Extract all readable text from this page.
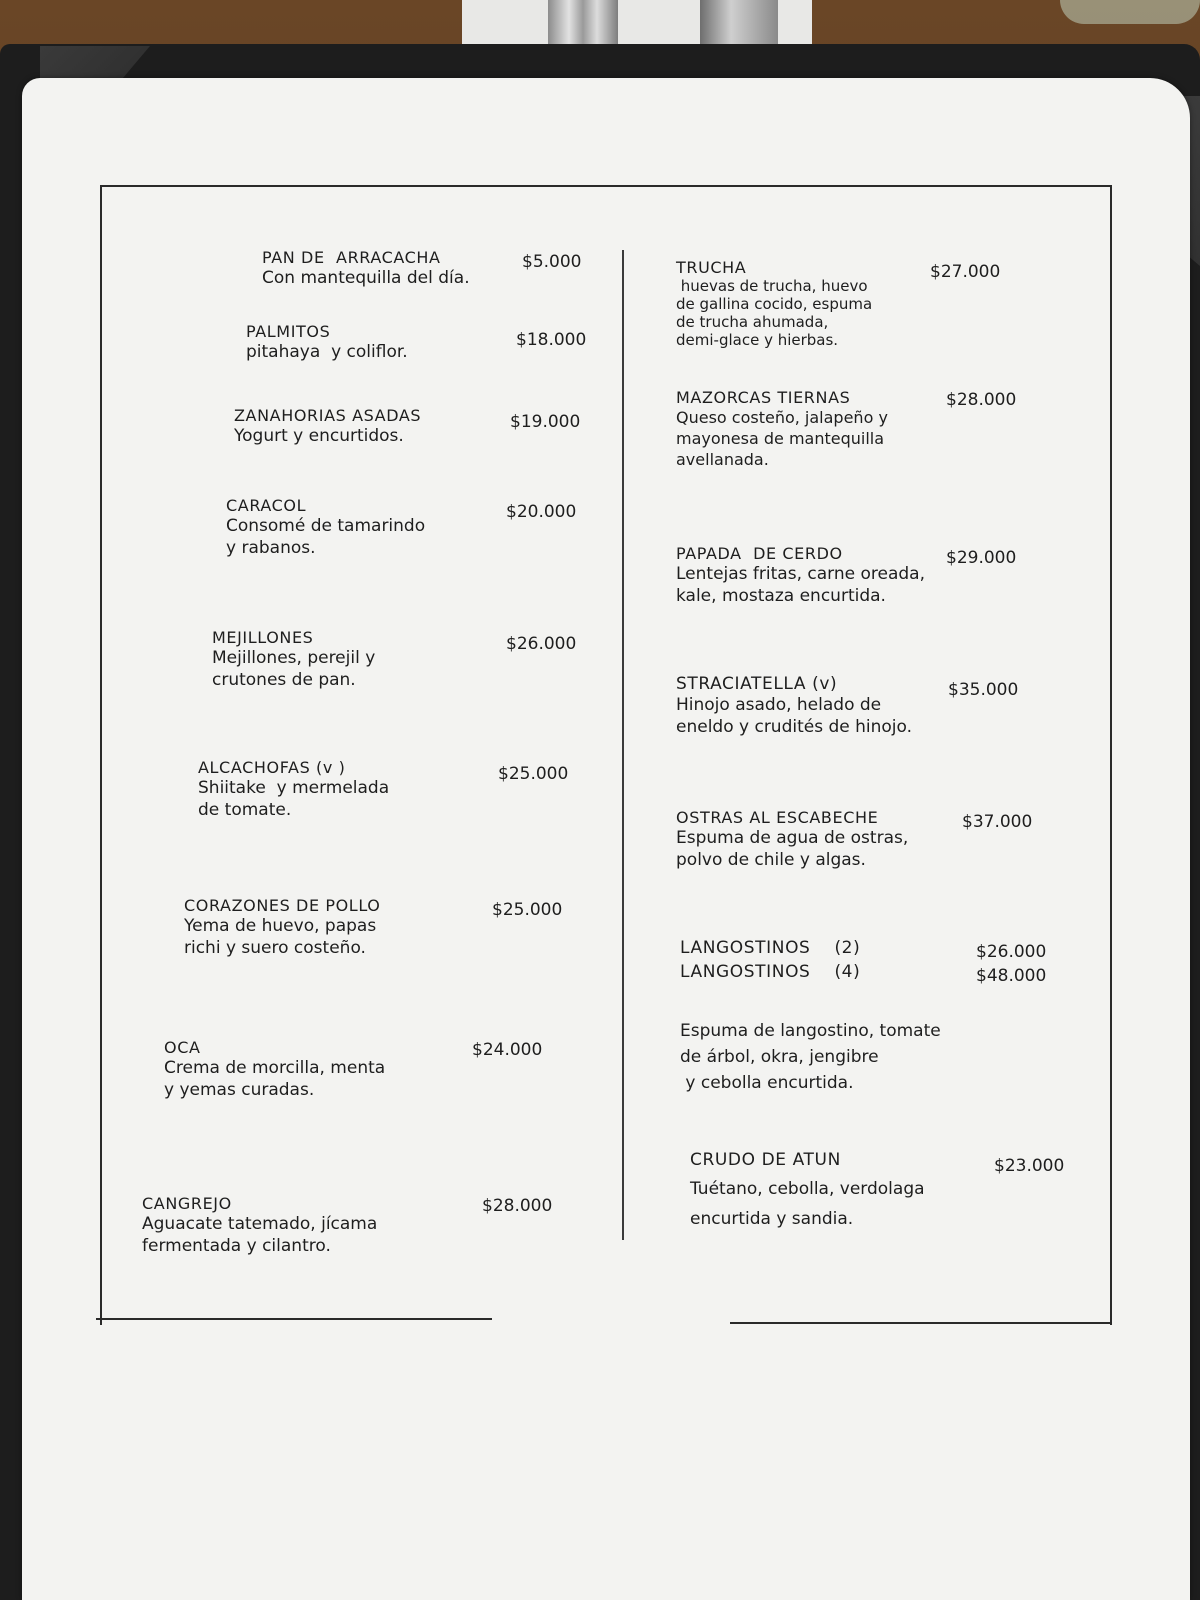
PAN DE  ARRACACHA
Con mantequilla del día.
$5.000
PALMITOS
pitahaya  y coliflor.
$18.000
ZANAHORIAS ASADAS
Yogurt y encurtidos.
$19.000
CARACOL
Consomé de tamarindo
y rabanos.
$20.000
MEJILLONES
Mejillones, perejil y
crutones de pan.
$26.000
ALCACHOFAS (v )
Shiitake  y mermelada
de tomate.
$25.000
CORAZONES DE POLLO
Yema de huevo, papas
richi y suero costeño.
$25.000
OCA
Crema de morcilla, menta
y yemas curadas.
$24.000
CANGREJO
Aguacate tatemado, jícama
fermentada y cilantro.
$28.000
TRUCHA
huevas de trucha, huevo
de gallina cocido, espuma
de trucha ahumada,
demi-glace y hierbas.
$27.000
MAZORCAS TIERNAS
Queso costeño, jalapeño y
mayonesa de mantequilla
avellanada.
$28.000
PAPADA  DE CERDO
Lentejas fritas, carne oreada,
kale, mostaza encurtida.
$29.000
STRACIATELLA (v)
Hinojo asado, helado de
eneldo y crudités de hinojo.
$35.000
OSTRAS AL ESCABECHE
Espuma de agua de ostras,
polvo de chile y algas.
$37.000
LANGOSTINOS    (2)
LANGOSTINOS    (4)
Espuma de langostino, tomate
de árbol, okra, jengibre
y cebolla encurtida.
$26.000
$48.000
CRUDO DE ATUN
Tuétano, cebolla, verdolaga
encurtida y sandia.
$23.000
